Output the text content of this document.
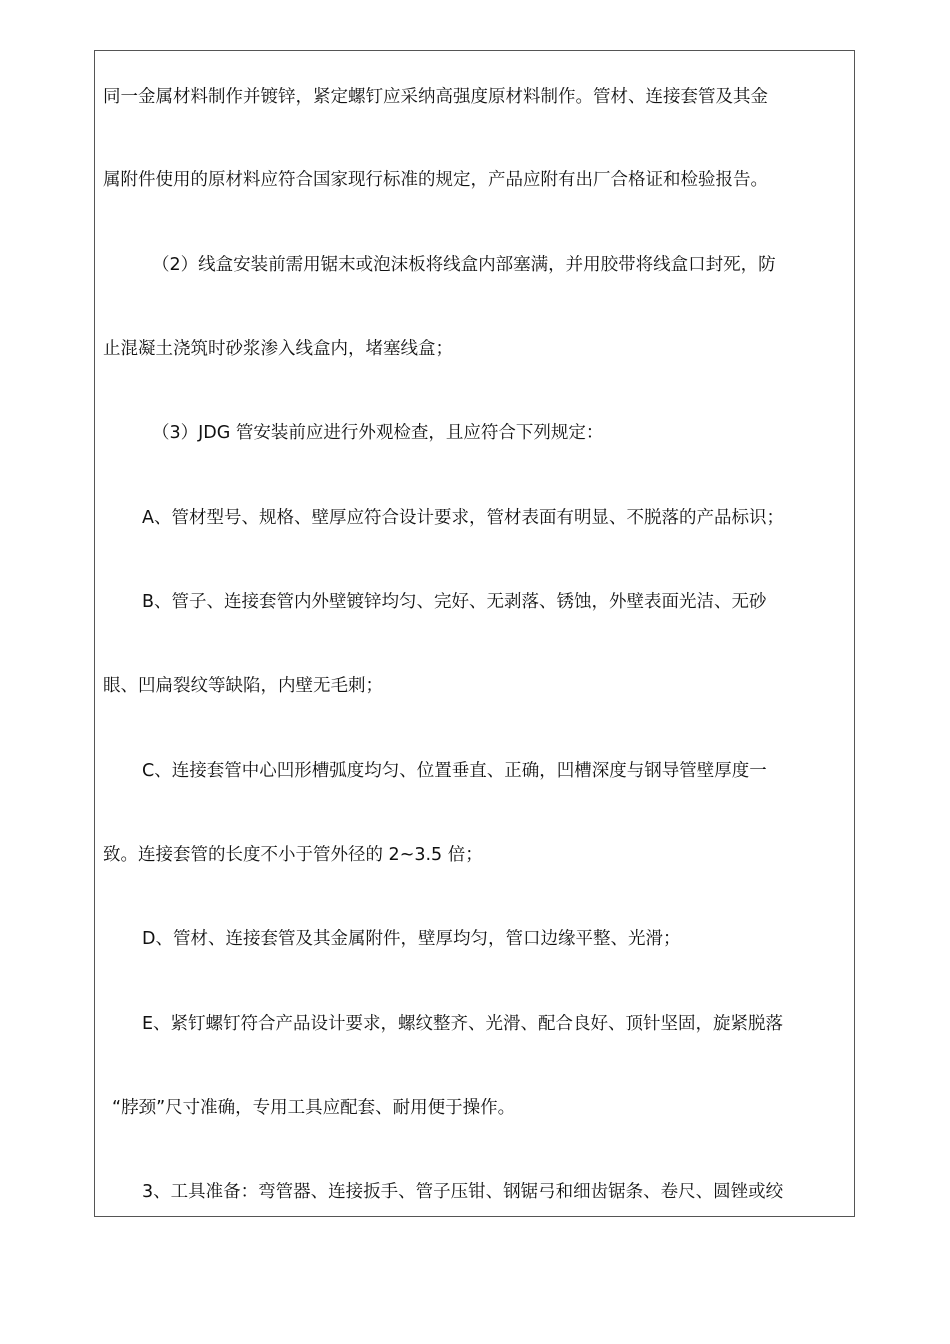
同一金属材料制作并镀锌，紧定螺钉应采纳高强度原材料制作。管材、连接套管及其金
属附件使用的原材料应符合国家现行标准的规定，产品应附有出厂合格证和检验报告。
（2）线盒安装前需用锯末或泡沫板将线盒内部塞满，并用胶带将线盒口封死，防
止混凝土浇筑时砂浆渗入线盒内，堵塞线盒；
（3）JDG 管安装前应进行外观检查，且应符合下列规定：
A、管材型号、规格、壁厚应符合设计要求，管材表面有明显、不脱落的产品标识；
B、管子、连接套管内外壁镀锌均匀、完好、无剥落、锈蚀，外壁表面光洁、无砂
眼、凹扁裂纹等缺陷，内壁无毛刺；
C、连接套管中心凹形槽弧度均匀、位置垂直、正确，凹槽深度与钢导管壁厚度一
致。连接套管的长度不小于管外径的 2~3.5 倍；
D、管材、连接套管及其金属附件，壁厚均匀，管口边缘平整、光滑；
E、紧钉螺钉符合产品设计要求，螺纹整齐、光滑、配合良好、顶针坚固，旋紧脱落
“脖颈”尺寸准确，专用工具应配套、耐用便于操作。
3、工具准备：弯管器、连接扳手、管子压钳、钢锯弓和细齿锯条、卷尺、圆锉或绞
